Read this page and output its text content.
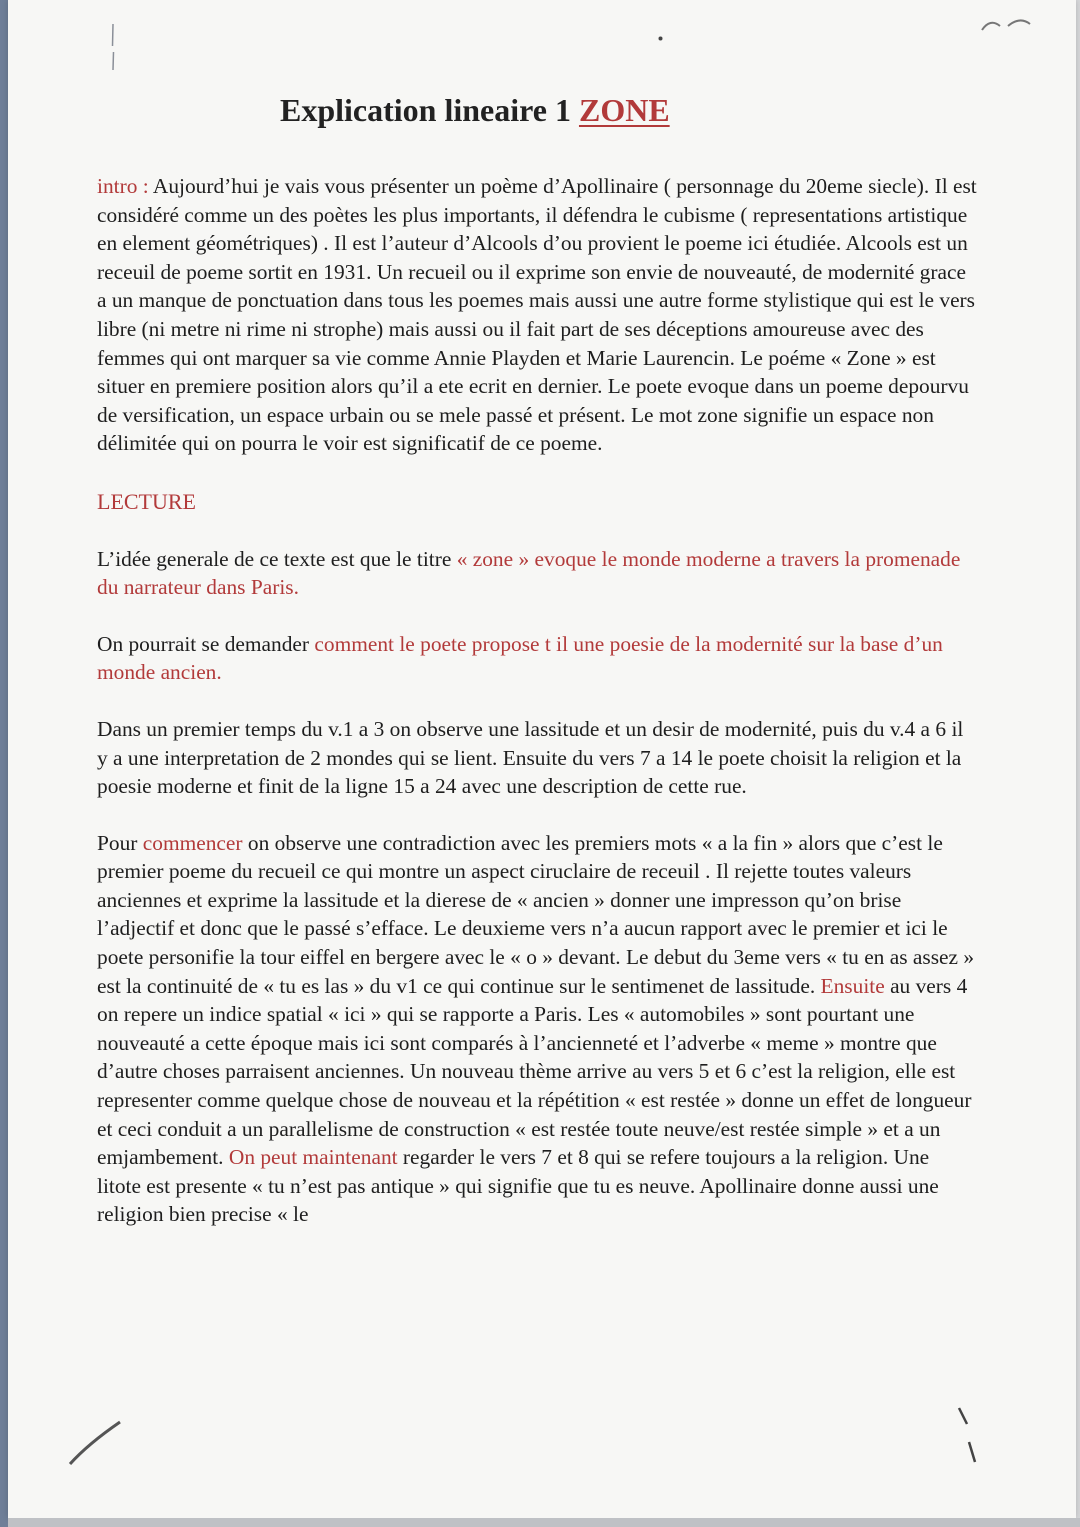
Explication lineaire 1 ZONE

intro : Aujourd’hui je vais vous présenter un poème d’Apollinaire ( personnage du 20eme siecle). Il est considéré comme un des poètes les plus importants, il défendra le cubisme ( representations artistique en element géométriques) . Il est l’auteur d’Alcools d’ou provient le poeme ici étudiée. Alcools est un receuil de poeme sortit en 1931. Un recueil ou il exprime son envie de nouveauté, de modernité grace a un manque de ponctuation dans tous les poemes mais aussi une autre forme stylistique qui est le vers libre (ni metre ni rime ni strophe) mais aussi ou il fait part de ses déceptions amoureuse avec des femmes qui ont marquer sa vie comme Annie Playden et Marie Laurencin. Le poéme « Zone » est situer en premiere position alors qu’il a ete ecrit en dernier. Le poete evoque dans un poeme depourvu de versification, un espace urbain ou se mele passé et présent. Le mot zone signifie un espace non délimitée qui on pourra le voir est significatif de ce poeme.

LECTURE

L’idée generale de ce texte est que le titre « zone » evoque le monde moderne a travers la promenade du narrateur dans Paris.

On pourrait se demander comment le poete propose t il une poesie de la modernité sur la base d’un monde ancien.

Dans un premier temps du v.1 a 3 on observe une lassitude et un desir de modernité, puis du v.4 a 6 il y a une interpretation de 2 mondes qui se lient. Ensuite du vers 7 a 14 le poete choisit la religion et la poesie moderne et finit de la ligne 15 a 24 avec une description de cette rue.

Pour commencer on observe une contradiction avec les premiers mots « a la fin » alors que c’est le premier poeme du recueil ce qui montre un aspect ciruclaire de receuil . Il rejette toutes valeurs anciennes et exprime la lassitude et la dierese de « ancien » donner une impresson qu’on brise l’adjectif et donc que le passé s’efface. Le deuxieme vers n’a aucun rapport avec le premier et ici le poete personifie la tour eiffel en bergere avec le « o » devant. Le debut du 3eme vers « tu en as assez » est la continuité de « tu es las » du v1 ce qui continue sur le sentimenet de lassitude. Ensuite au vers 4 on repere un indice spatial « ici » qui se rapporte a Paris. Les « automobiles » sont pourtant une nouveauté a cette époque mais ici sont comparés à l’ancienneté et l’adverbe « meme » montre que d’autre choses parraisent anciennes. Un nouveau thème arrive au vers 5 et 6 c’est la religion, elle est representer comme quelque chose de nouveau et la répétition « est restée » donne un effet de longueur et ceci conduit a un parallelisme de construction « est restée toute neuve/est restée simple » et a un emjambement. On peut maintenant regarder le vers 7 et 8 qui se refere toujours a la religion. Une litote est presente « tu n’est pas antique » qui signifie que tu es neuve. Apollinaire donne aussi une religion bien precise « le
